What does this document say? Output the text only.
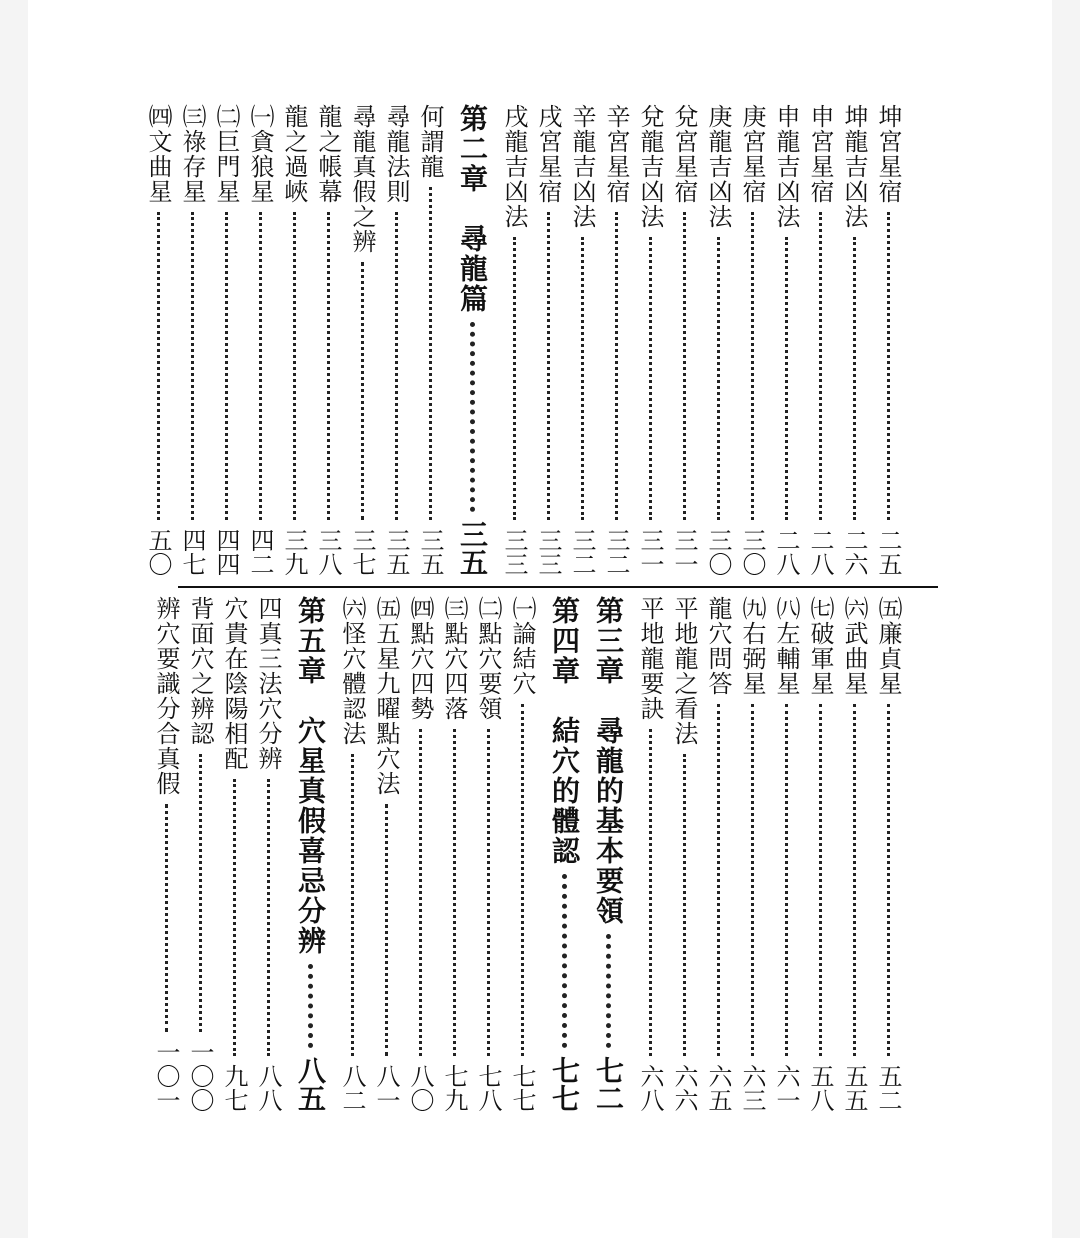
坤宮星宿
二五
坤龍吉凶法
二六
申宮星宿
二八
申龍吉凶法
二八
庚宮星宿
三〇
庚龍吉凶法
三〇
兌宮星宿
三一
兌龍吉凶法
三一
辛宮星宿
三二
辛龍吉凶法
三二
戌宮星宿
三三
戌龍吉凶法
三三
第二章　尋龍篇
三五
何謂龍
三五
尋龍法則
三五
尋龍真假之辨
三七
龍之帳幕
三八
龍之過峽
三九
㈠貪狼星
四二
㈡巨門星
四四
㈢祿存星
四七
㈣文曲星
五〇
㈤廉貞星
五二
㈥武曲星
五五
㈦破軍星
五八
㈧左輔星
六一
㈨右弼星
六三
龍穴問答
六五
平地龍之看法
六六
平地龍要訣
六八
第三章　尋龍的基本要領
七二
第四章　結穴的體認
七七
㈠論結穴
七七
㈡點穴要領
七八
㈢點穴四落
七九
㈣點穴四勢
八〇
㈤五星九曜點穴法
八一
㈥怪穴體認法
八二
第五章　穴星真假喜忌分辨
八五
四真三法穴分辨
八八
穴貴在陰陽相配
九七
背面穴之辨認
一〇〇
辨穴要識分合真假
一〇一
